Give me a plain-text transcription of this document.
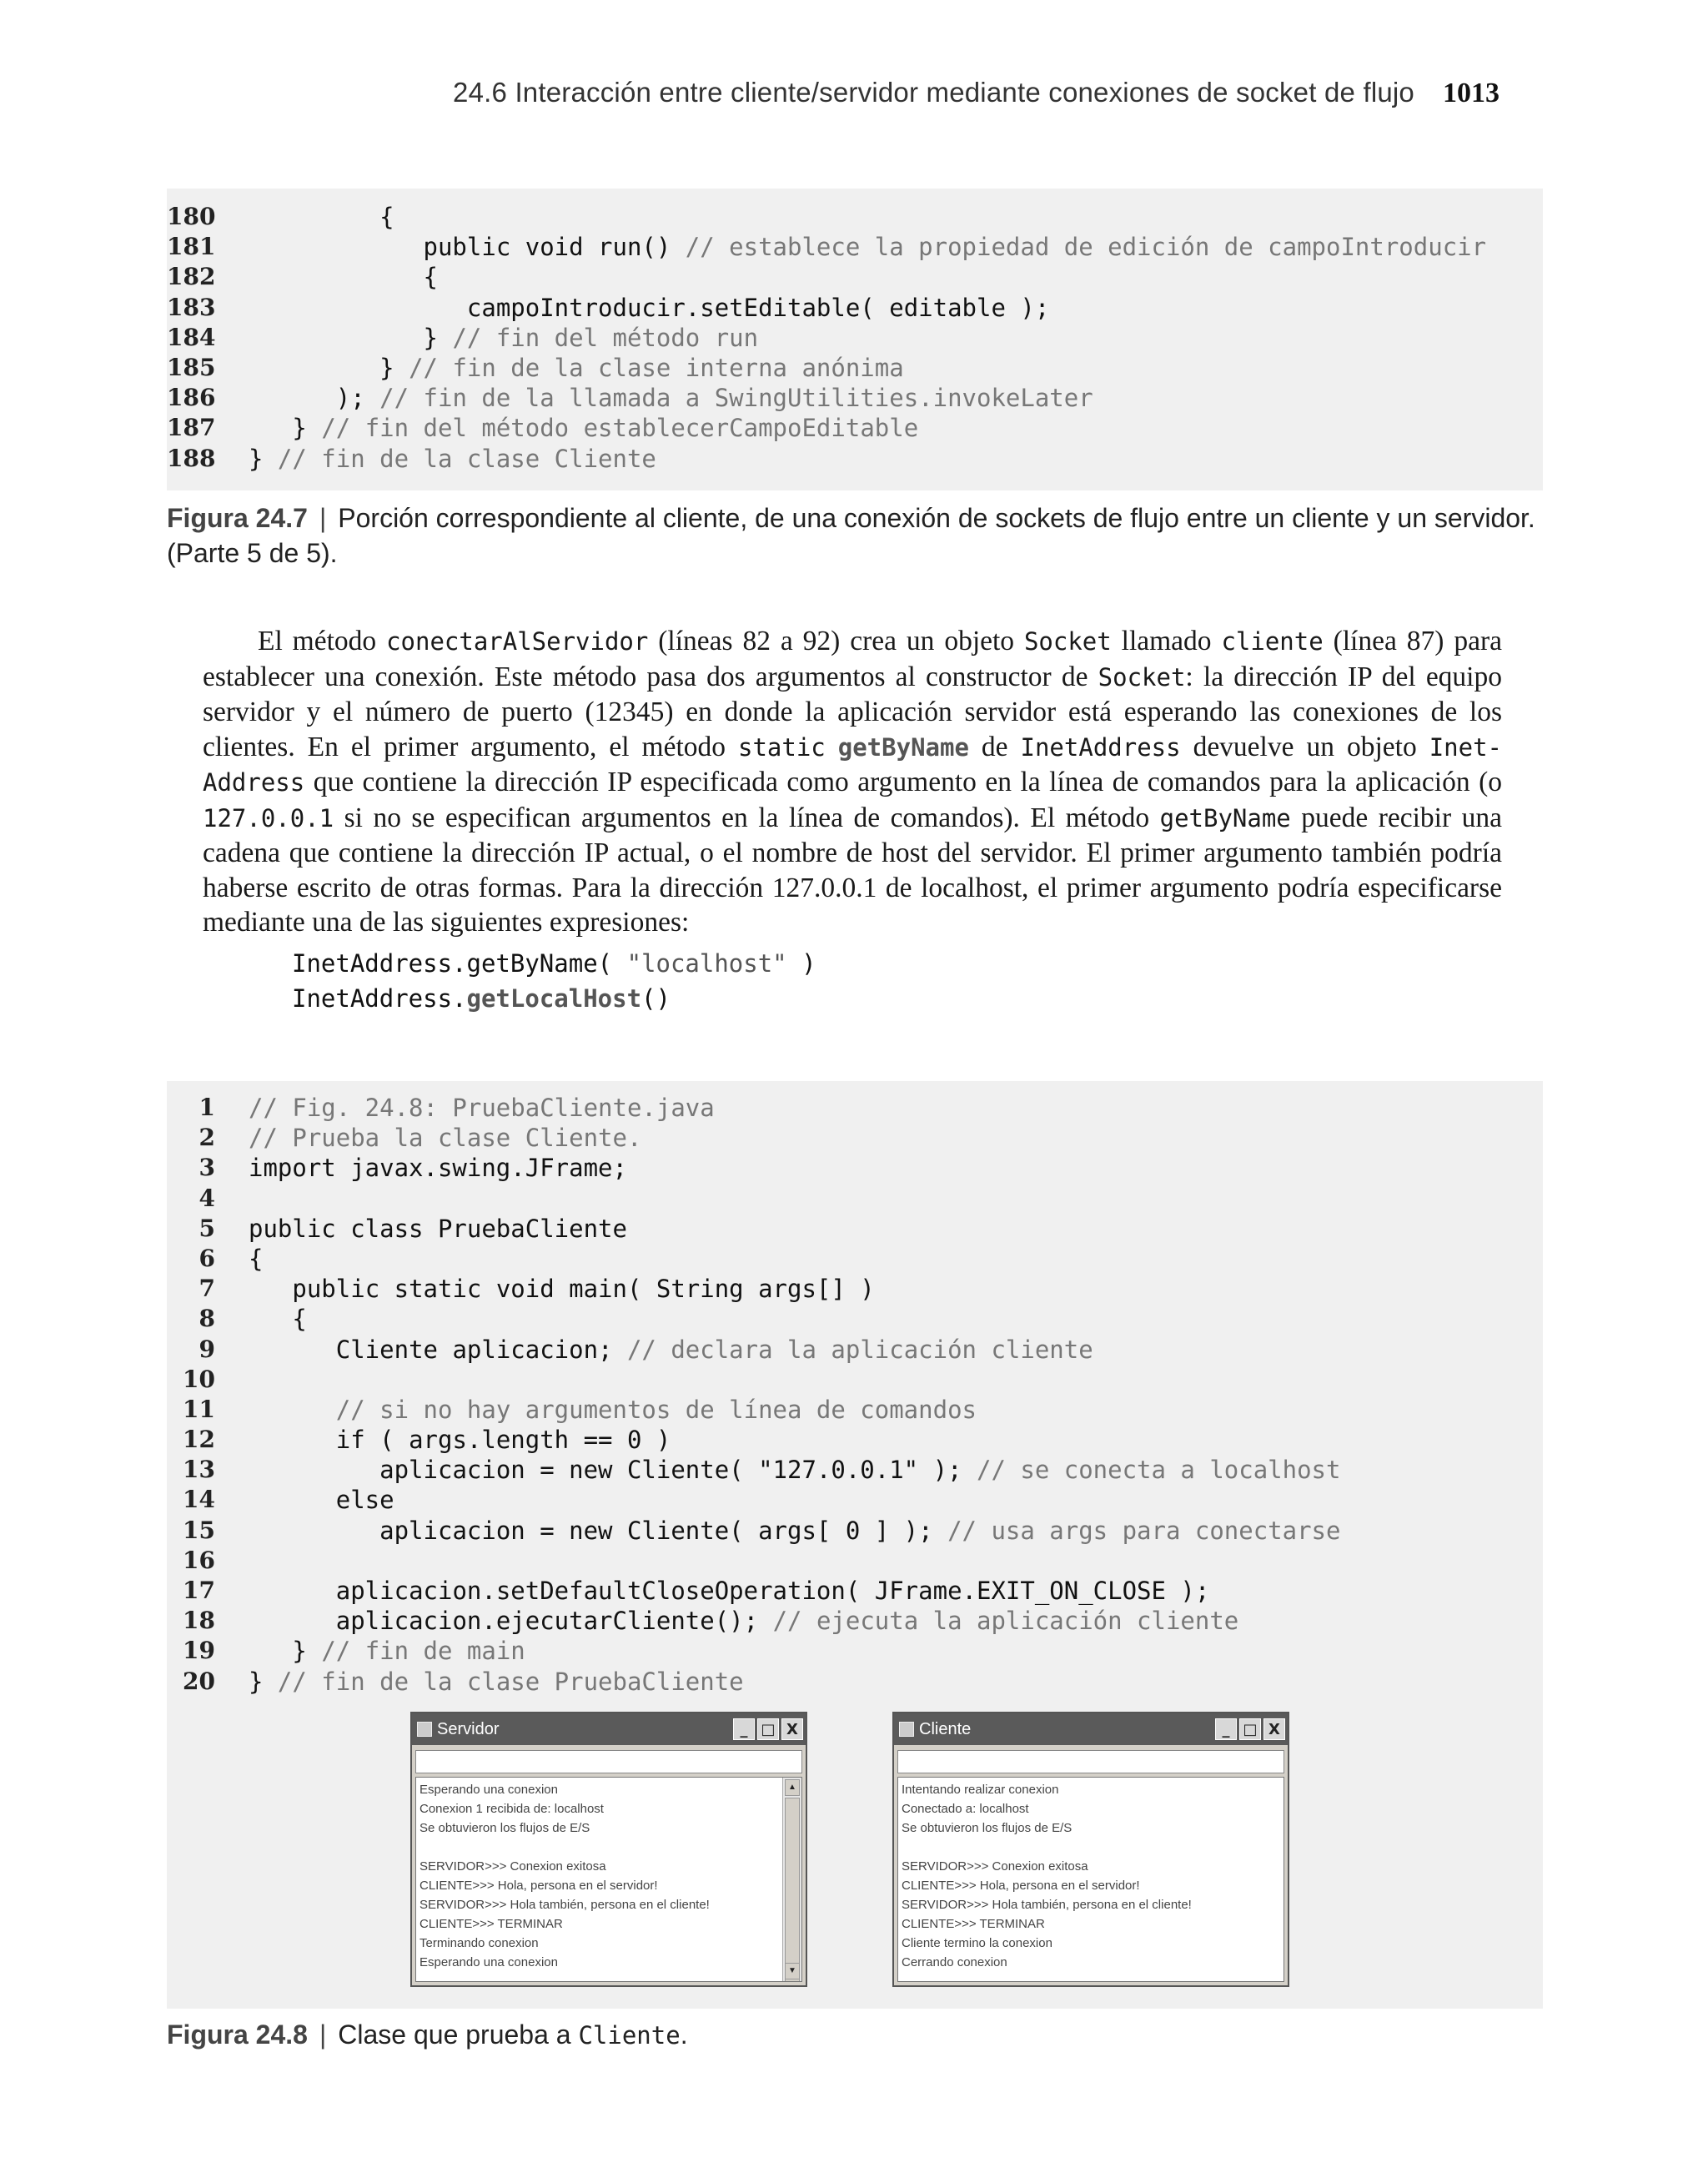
24.6 Interacción entre cliente/servidor mediante conexiones de socket de flujo 1013
180	{
181	public void run() // establece la propiedad de edición de campoIntroducir
182	{
183	campoIntroducir.setEditable( editable );
184	} // fin del método run
185	} // fin de la clase interna anónima
186	); // fin de la llamada a SwingUtilities.invokeLater
187	} // fin del método establecerCampoEditable
188 } // fin de la clase Cliente
Figura 24.7 | Porción correspondiente al cliente, de una conexión de sockets de flujo entre un cliente y un servidor. (Parte 5 de 5).

El método conectarAlServidor (líneas 82 a 92) crea un objeto Socket llamado cliente (línea 87) para establecer una conexión. Este método pasa dos argumentos al constructor de Socket: la dirección IP del equipo servidor y el número de puerto (12345) en donde la aplicación servidor está esperando las conexiones de los clientes. En el primer argumento, el método static getByName de InetAddress devuelve un objeto Inet-Address que contiene la dirección IP especificada como argumento en la línea de comandos para la aplicación (o 127.0.0.1 si no se especifican argumentos en la línea de comandos). El método getByName puede recibir una cadena que contiene la dirección IP actual, o el nombre de host del servidor. El primer argumento también podría haberse escrito de otras formas. Para la dirección 127.0.0.1 de localhost, el primer argumento podría especificarse mediante una de las siguientes expresiones:

InetAddress.getByName( "localhost" )
InetAddress.getLocalHost()
1 // Fig. 24.8: PruebaCliente.java
2 // Prueba la clase Cliente.
3 import javax.swing.JFrame;
4
5 public class PruebaCliente
6 {
7	public static void main( String args[] )
8	{
9	Cliente aplicacion; // declara la aplicación cliente
10
11	// si no hay argumentos de línea de comandos
12	if ( args.length == 0 )
13	aplicacion = new Cliente( "127.0.0.1" ); // se conecta a localhost
14	else
15	aplicacion = new Cliente( args[ 0 ] ); // usa args para conectarse
16
17	aplicacion.setDefaultCloseOperation( JFrame.EXIT_ON_CLOSE );
18	aplicacion.ejecutarCliente(); // ejecuta la aplicación cliente
19	} // fin de main
20 } // fin de la clase PruebaCliente
Servidor	_ □ X
Esperando una conexion
Conexion 1 recibida de: localhost
Se obtuvieron los flujos de E/S
SERVIDOR>>> Conexion exitosa
CLIENTE>>> Hola, persona en el servidor!
SERVIDOR>>> Hola también, persona en el cliente!
CLIENTE>>> TERMINAR
Terminando conexion
Esperando una conexion
▲
▼
Cliente	_ □ X
Intentando realizar conexion
Conectado a: localhost
Se obtuvieron los flujos de E/S
SERVIDOR>>> Conexion exitosa
CLIENTE>>> Hola, persona en el servidor!
SERVIDOR>>> Hola también, persona en el cliente!
CLIENTE>>> TERMINAR
Cliente termino la conexion
Cerrando conexion
Figura 24.8 | Clase que prueba a Cliente.
